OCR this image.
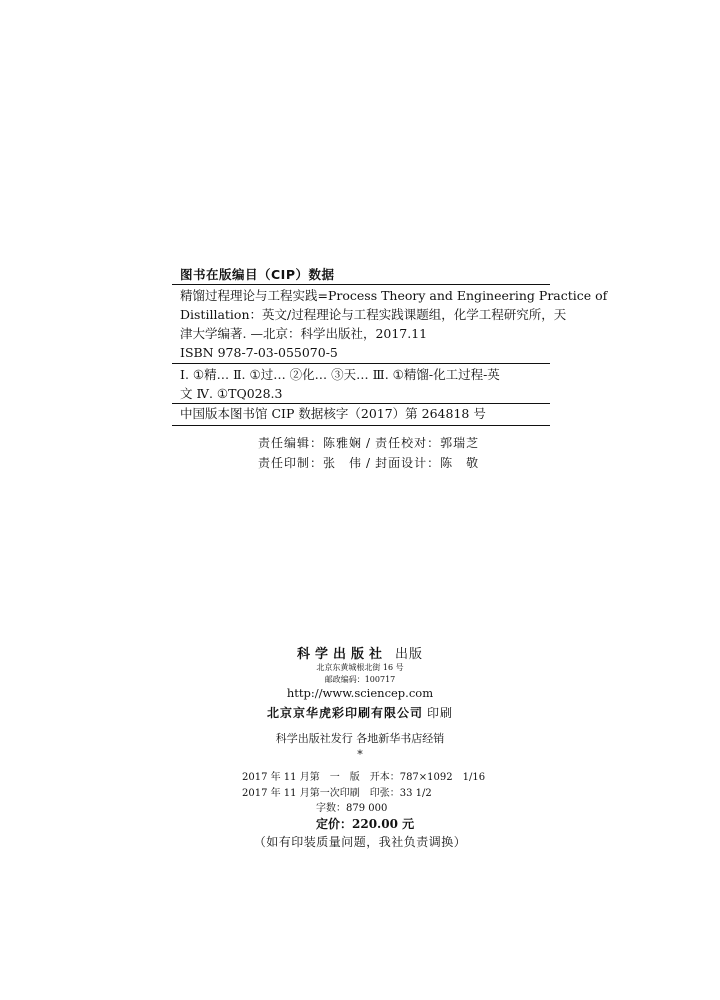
图书在版编目（CIP）数据
精馏过程理论与工程实践=Process Theory and Engineering Practice of
Distillation：英文/过程理论与工程实践课题组，化学工程研究所，天
津大学编著. —北京：科学出版社，2017.11
ISBN 978-7-03-055070-5
Ⅰ. ①精… Ⅱ. ①过… ②化… ③天… Ⅲ. ①精馏-化工过程-英
文 Ⅳ. ①TQ028.3
中国版本图书馆 CIP 数据核字（2017）第 264818 号
责任编辑：陈雅娴 / 责任校对：郭瑞芝
责任印制：张　伟 / 封面设计：陈　敬
科学出版社 出版
北京东黄城根北街 16 号
邮政编码：100717
http://www.sciencep.com
北京京华虎彩印刷有限公司 印刷
科学出版社发行 各地新华书店经销
*
2017 年 11 月第　一　版　开本：787×1092　1/16
2017 年 11 月第一次印刷　印张：33 1/2
字数：879 000
定价：220.00 元
（如有印装质量问题，我社负责调换）
